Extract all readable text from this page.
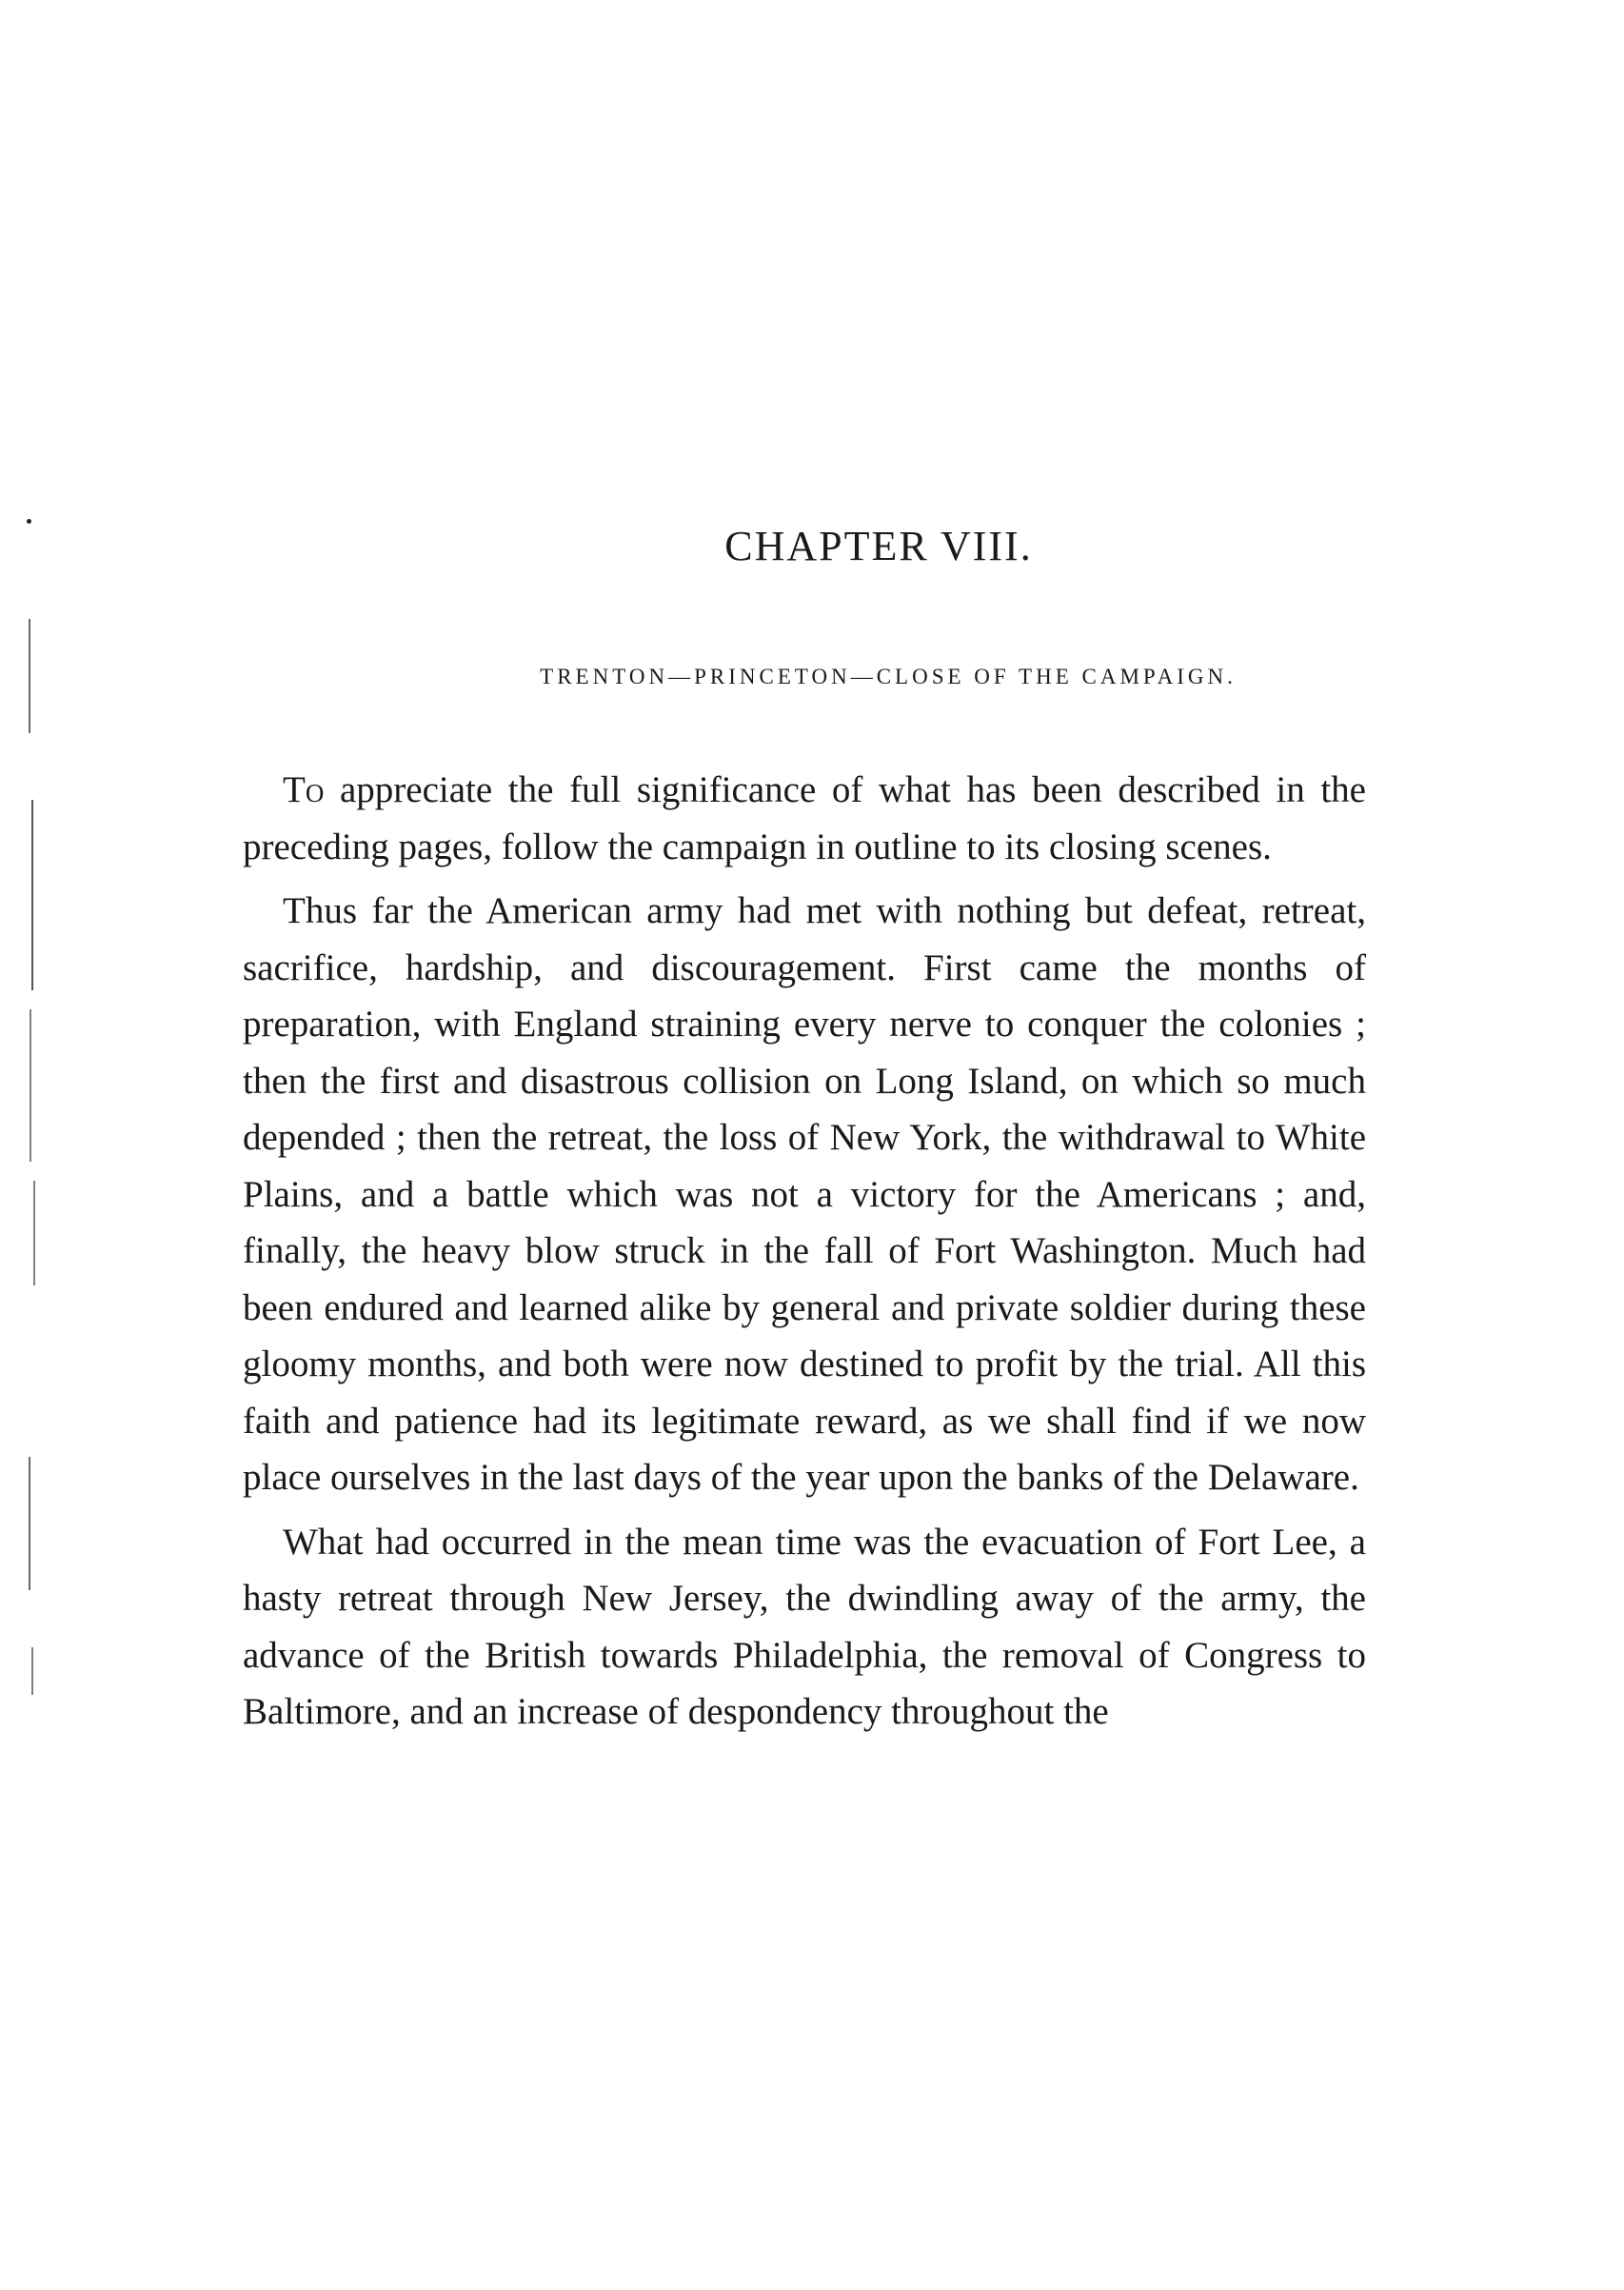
CHAPTER VIII.
TRENTON—PRINCETON—CLOSE OF THE CAMPAIGN.

To appreciate the full significance of what has been described in the preceding pages, follow the campaign in outline to its closing scenes.

Thus far the American army had met with nothing but defeat, retreat, sacrifice, hardship, and discouragement. First came the months of preparation, with England straining every nerve to conquer the colonies ; then the first and disastrous collision on Long Island, on which so much depended ; then the retreat, the loss of New York, the withdrawal to White Plains, and a battle which was not a victory for the Americans ; and, finally, the heavy blow struck in the fall of Fort Washington. Much had been endured and learned alike by general and private soldier during these gloomy months, and both were now destined to profit by the trial. All this faith and patience had its legitimate reward, as we shall find if we now place ourselves in the last days of the year upon the banks of the Delaware.

What had occurred in the mean time was the evacuation of Fort Lee, a hasty retreat through New Jersey, the dwindling away of the army, the advance of the British towards Philadelphia, the removal of Congress to Baltimore, and an increase of despondency throughout the
